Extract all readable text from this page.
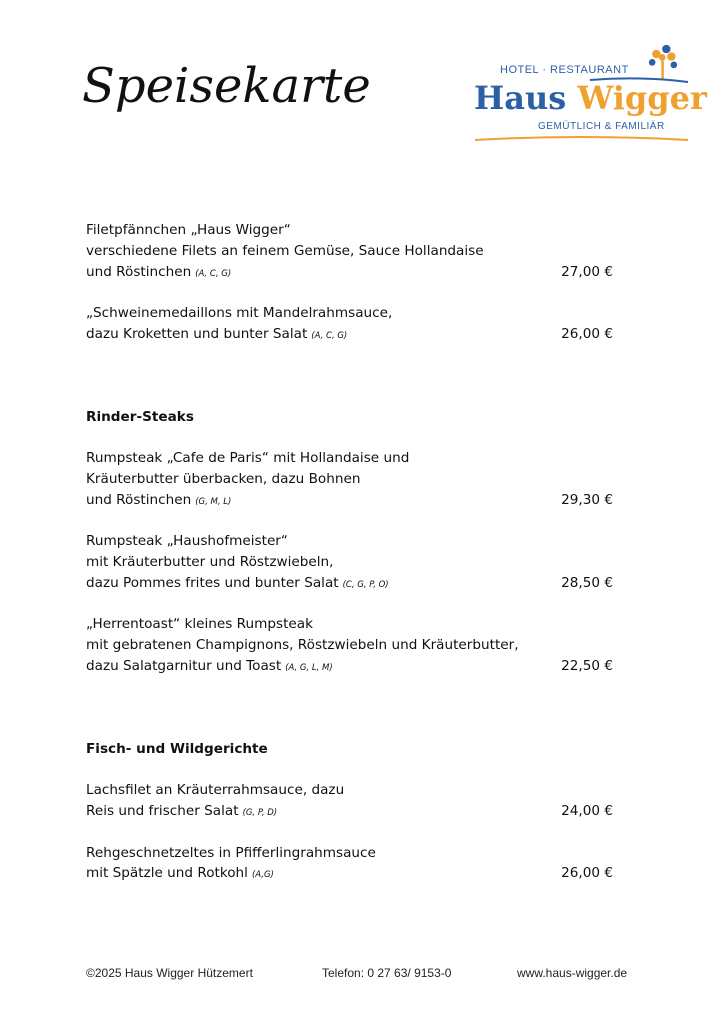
Speisekarte	HOTEL · RESTAURANT
Haus Wigger
GEMÜTLICH & FAMILIÄR
Filetpfännchen „Haus Wigger“
verschiedene Filets an feinem Gemüse, Sauce Hollandaise
und Röstinchen (A, C, G)	27,00 €
„Schweinemedaillons mit Mandelrahmsauce,
dazu Kroketten und bunter Salat (A, C, G)	26,00 €
Rinder-Steaks
Rumpsteak „Cafe de Paris“ mit Hollandaise und
Kräuterbutter überbacken, dazu Bohnen
und Röstinchen (G, M, L)	29,30 €
Rumpsteak „Haushofmeister“
mit Kräuterbutter und Röstzwiebeln,
dazu Pommes frites und bunter Salat (C, G, P, O)	28,50 €
„Herrentoast“ kleines Rumpsteak
mit gebratenen Champignons, Röstzwiebeln und Kräuterbutter,
dazu Salatgarnitur und Toast (A, G, L, M)	22,50 €
Fisch- und Wildgerichte
Lachsfilet an Kräuterrahmsauce, dazu
Reis und frischer Salat (G, P, D)	24,00 €
Rehgeschnetzeltes in Pfifferlingrahmsauce
mit Spätzle und Rotkohl (A,G)	26,00 €
©2025 Haus Wigger Hützemert	Telefon: 0 27 63/ 9153-0	www.haus-wigger.de
